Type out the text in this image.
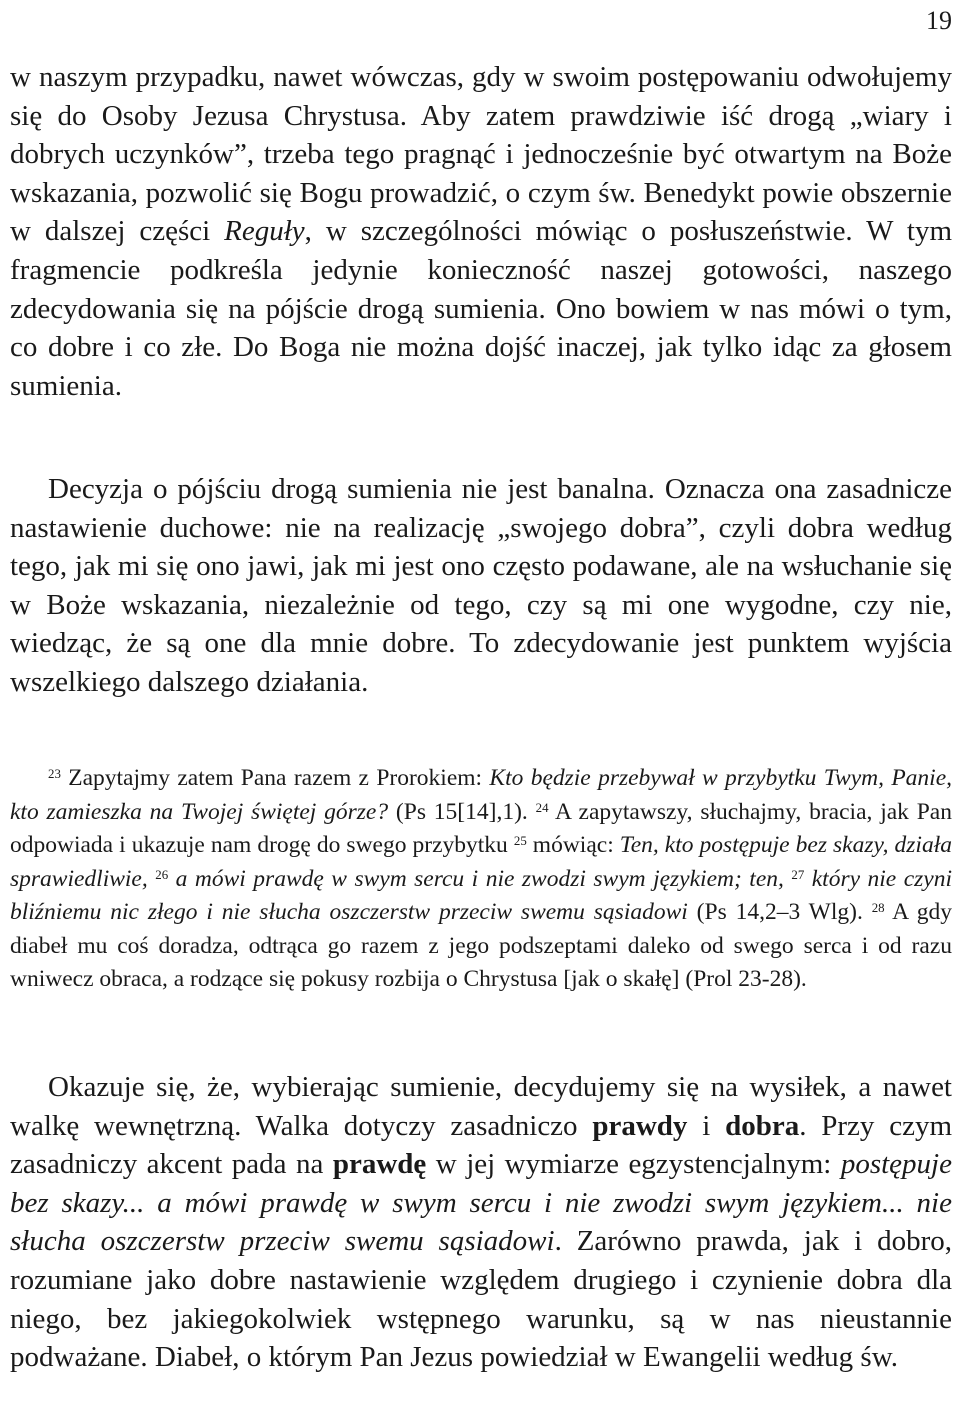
19

w naszym przypadku, nawet wówczas, gdy w swoim postępowaniu odwołujemy się do Osoby Jezusa Chrystusa. Aby zatem prawdziwie iść drogą „wiary i dobrych uczynków”, trzeba tego pragnąć i jednocześnie być otwartym na Boże wskazania, pozwolić się Bogu prowadzić, o czym św. Benedykt powie obszernie w dalszej części Reguły, w szczególności mówiąc o posłuszeństwie. W tym fragmencie podkreśla jedynie konieczność naszej gotowości, naszego zdecydowania się na pójście drogą sumienia. Ono bowiem w nas mówi o tym, co dobre i co złe. Do Boga nie można dojść inaczej, jak tylko idąc za głosem sumienia.

Decyzja o pójściu drogą sumienia nie jest banalna. Oznacza ona zasadnicze nastawienie duchowe: nie na realizację „swojego dobra”, czyli dobra według tego, jak mi się ono jawi, jak mi jest ono często podawane, ale na wsłuchanie się w Boże wskazania, niezależnie od tego, czy są mi one wygodne, czy nie, wiedząc, że są one dla mnie dobre. To zdecydowanie jest punktem wyjścia wszelkiego dalszego działania.

$^{23}$ Zapytajmy zatem Pana razem z Prorokiem: Kto będzie przebywał w przybytku Twym, Panie, kto zamieszka na Twojej świętej górze? (Ps 15[14],1). $^{24}$ A zapytawszy, słuchajmy, bracia, jak Pan odpowiada i ukazuje nam drogę do swego przybytku $^{25}$ mówiąc: Ten, kto postępuje bez skazy, działa sprawiedliwie, $^{26}$ a mówi prawdę w swym sercu i nie zwodzi swym językiem; ten, $^{27}$ który nie czyni bliźniemu nic złego i nie słucha oszczerstw przeciw swemu sąsiadowi (Ps 14,2–3 Wlg). $^{28}$ A gdy diabeł mu coś doradza, odtrąca go razem z jego podszeptami daleko od swego serca i od razu wniwecz obraca, a rodzące się pokusy rozbija o Chrystusa [jak o skałę] (Prol 23-28).

Okazuje się, że, wybierając sumienie, decydujemy się na wysiłek, a nawet walkę wewnętrzną. Walka dotyczy zasadniczo prawdy i dobra. Przy czym zasadniczy akcent pada na prawdę w jej wymiarze egzystencjalnym: postępuje bez skazy... a mówi prawdę w swym sercu i nie zwodzi swym językiem... nie słucha oszczerstw przeciw swemu sąsiadowi. Zarówno prawda, jak i dobro, rozumiane jako dobre nastawienie względem drugiego i czynienie dobra dla niego, bez jakiegokolwiek wstępnego warunku, są w nas nieustannie podważane. Diabeł, o którym Pan Jezus powiedział w Ewangelii według św.
